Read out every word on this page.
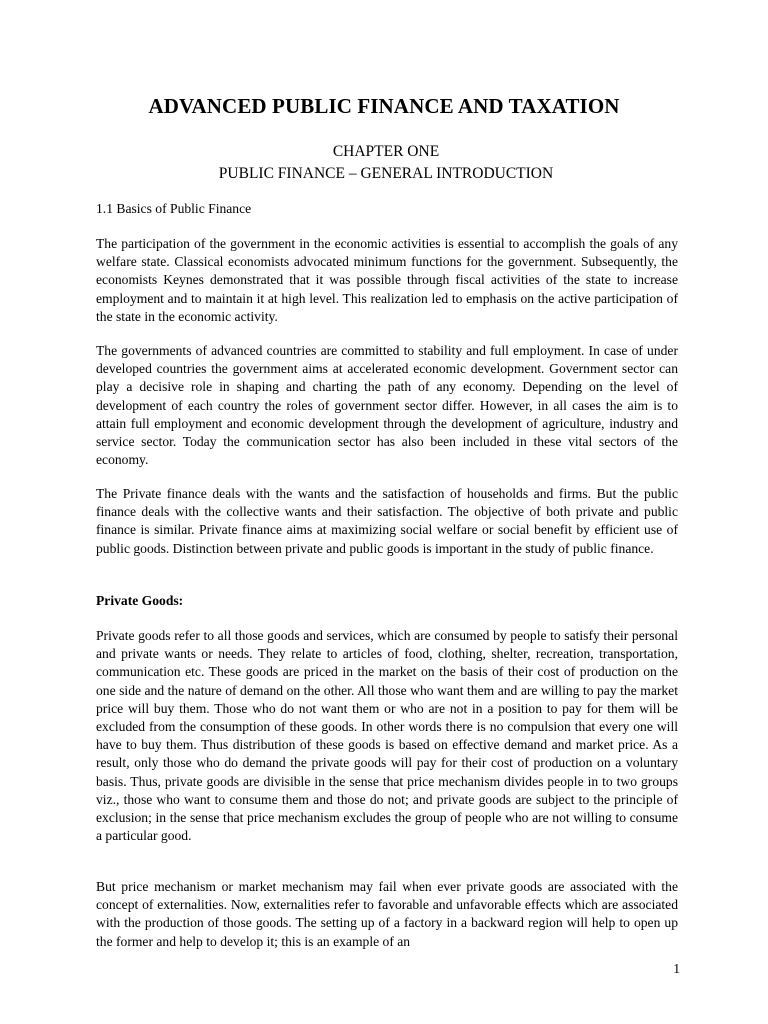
ADVANCED PUBLIC FINANCE AND TAXATION

CHAPTER ONE

PUBLIC FINANCE – GENERAL INTRODUCTION

1.1 Basics of Public Finance

The participation of the government in the economic activities is essential to accomplish the goals of any welfare state. Classical economists advocated minimum functions for the government. Subsequently, the economists Keynes demonstrated that it was possible through fiscal activities of the state to increase employment and to maintain it at high level. This realization led to emphasis on the active participation of the state in the economic activity.

The governments of advanced countries are committed to stability and full employment. In case of under developed countries the government aims at accelerated economic development. Government sector can play a decisive role in shaping and charting the path of any economy. Depending on the level of development of each country the roles of government sector differ. However, in all cases the aim is to attain full employment and economic development through the development of agriculture, industry and service sector. Today the communication sector has also been included in these vital sectors of the economy.

The Private finance deals with the wants and the satisfaction of households and firms. But the public finance deals with the collective wants and their satisfaction. The objective of both private and public finance is similar. Private finance aims at maximizing social welfare or social benefit by efficient use of public goods. Distinction between private and public goods is important in the study of public finance.

Private Goods:

Private goods refer to all those goods and services, which are consumed by people to satisfy their personal and private wants or needs. They relate to articles of food, clothing, shelter, recreation, transportation, communication etc. These goods are priced in the market on the basis of their cost of production on the one side and the nature of demand on the other. All those who want them and are willing to pay the market price will buy them. Those who do not want them or who are not in a position to pay for them will be excluded from the consumption of these goods. In other words there is no compulsion that every one will have to buy them. Thus distribution of these goods is based on effective demand and market price. As a result, only those who do demand the private goods will pay for their cost of production on a voluntary basis. Thus, private goods are divisible in the sense that price mechanism divides people in to two groups viz., those who want to consume them and those do not; and private goods are subject to the principle of exclusion; in the sense that price mechanism excludes the group of people who are not willing to consume a particular good.

But price mechanism or market mechanism may fail when ever private goods are associated with the concept of externalities. Now, externalities refer to favorable and unfavorable effects which are associated with the production of those goods. The setting up of a factory in a backward region will help to open up the former and help to develop it; this is an example of an

1
